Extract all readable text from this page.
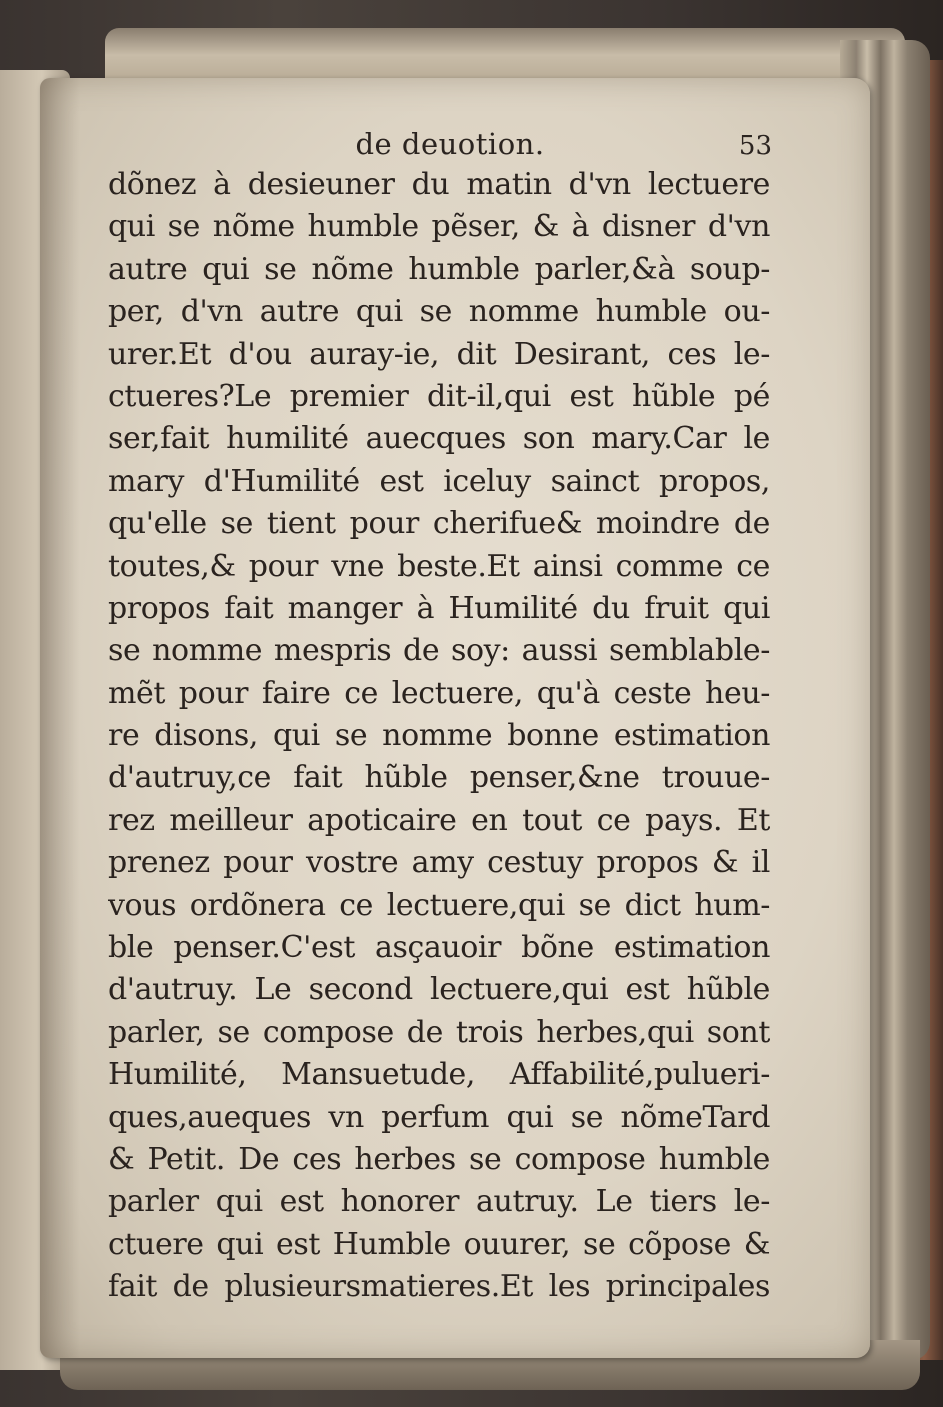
de deuotion.	53
dõnez à desieuner du matin d'vn lectuere
qui se nõme humble pẽser, & à disner d'vn
autre qui se nõme humble parler,&à soup-
per, d'vn autre qui se nomme humble ou-
urer.Et d'ou auray-ie, dit Desirant, ces le-
ctueres?Le premier dit-il,qui est hũble pé
ser,fait humilité auecques son mary.Car le
mary d'Humilité est iceluy sainct propos,
qu'elle se tient pour cherifue& moindre de
toutes,& pour vne beste.Et ainsi comme ce
propos fait manger à Humilité du fruit qui
se nomme mespris de soy: aussi semblable-
mẽt pour faire ce lectuere, qu'à ceste heu-
re disons, qui se nomme bonne estimation
d'autruy,ce fait hũble penser,&ne trouue-
rez meilleur apoticaire en tout ce pays. Et
prenez pour vostre amy cestuy propos & il
vous ordõnera ce lectuere,qui se dict hum-
ble penser.C'est asçauoir bõne estimation
d'autruy. Le second lectuere,qui est hũble
parler, se compose de trois herbes,qui sont
Humilité, Mansuetude, Affabilité,pulueri-
ques,aueques vn perfum qui se nõmeTard
& Petit. De ces herbes se compose humble
parler qui est honorer autruy. Le tiers le-
ctuere qui est Humble ouurer, se cõpose &
fait de plusieursmatieres.Et les principales
